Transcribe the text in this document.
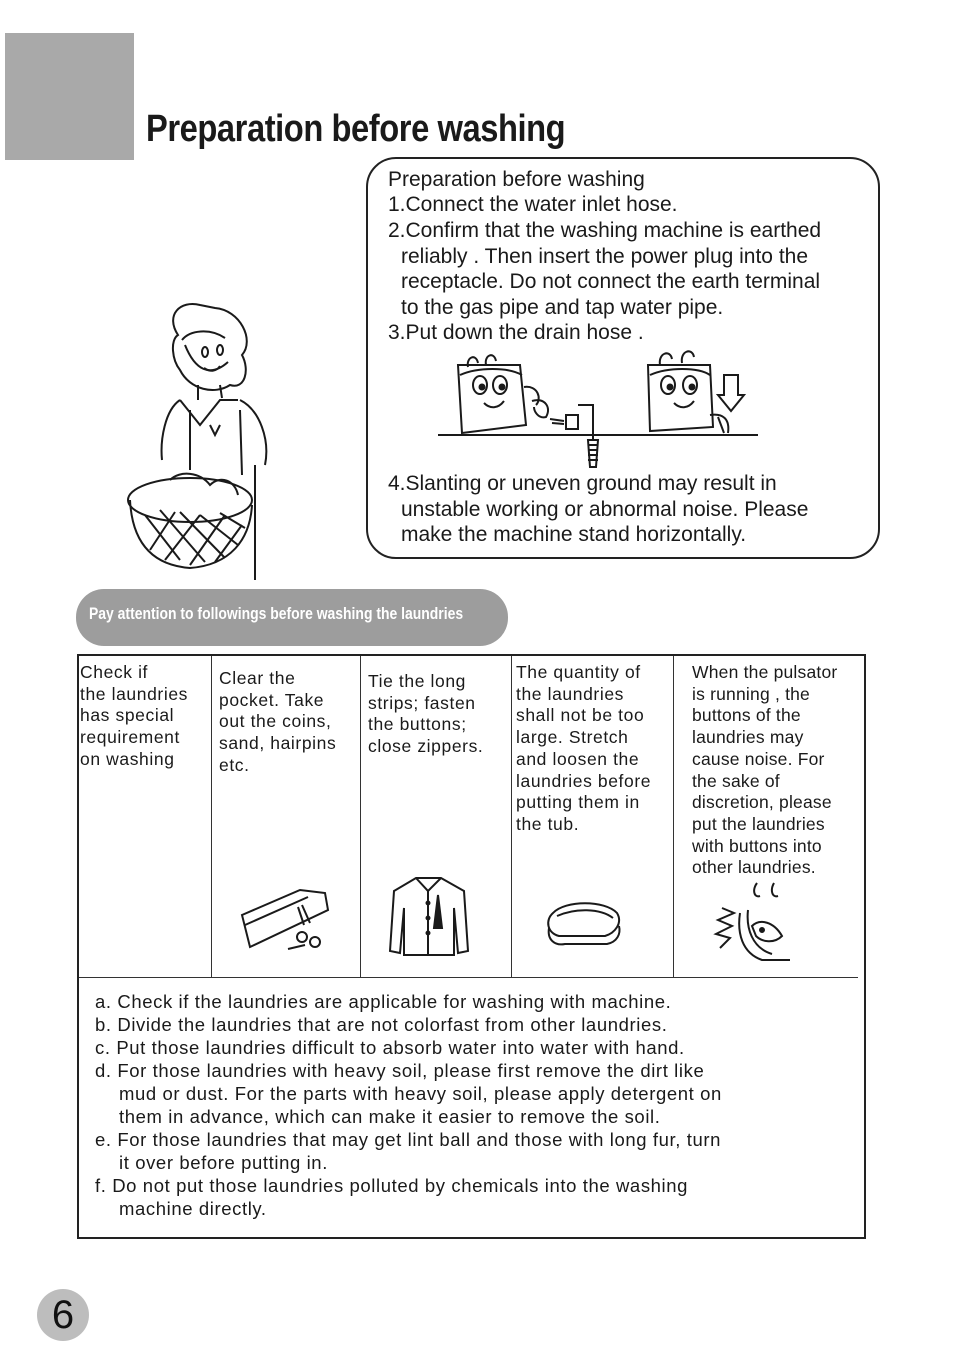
Preparation before washing
Preparation before washing
1.Connect the water inlet hose.
2.Confirm that the washing machine is earthed
reliably . Then insert the power plug into the
receptacle. Do not connect the earth terminal
to the gas pipe and tap water pipe.
3.Put down the drain hose .
4.Slanting or uneven ground may result in
unstable working or abnormal noise. Please
make the machine stand horizontally.
Pay attention to followings before washing the laundries
Check if
the laundries
has special
requirement
on washing
Clear the
pocket. Take
out the coins,
sand, hairpins
etc.
Tie the long
strips; fasten
the buttons;
close zippers.
The quantity of
the laundries
shall not be too
large. Stretch
and loosen the
laundries before
putting them in
the tub.
When the pulsator
is running , the
buttons of the
laundries may
cause noise. For
the sake of
discretion, please
put the laundries
with buttons into
other laundries.
a. Check if the laundries are applicable for washing with machine.
b. Divide the laundries that are not colorfast from other laundries.
c. Put those laundries difficult to absorb water into water with hand.
d. For those laundries with heavy soil, please first remove the dirt like
mud or dust. For the parts with heavy soil, please apply detergent on
them in advance, which can make it easier to remove the soil.
e. For those laundries that may get lint ball and those with long fur, turn
it over before putting in.
f. Do not put those laundries polluted by chemicals into the washing
machine directly.
6
